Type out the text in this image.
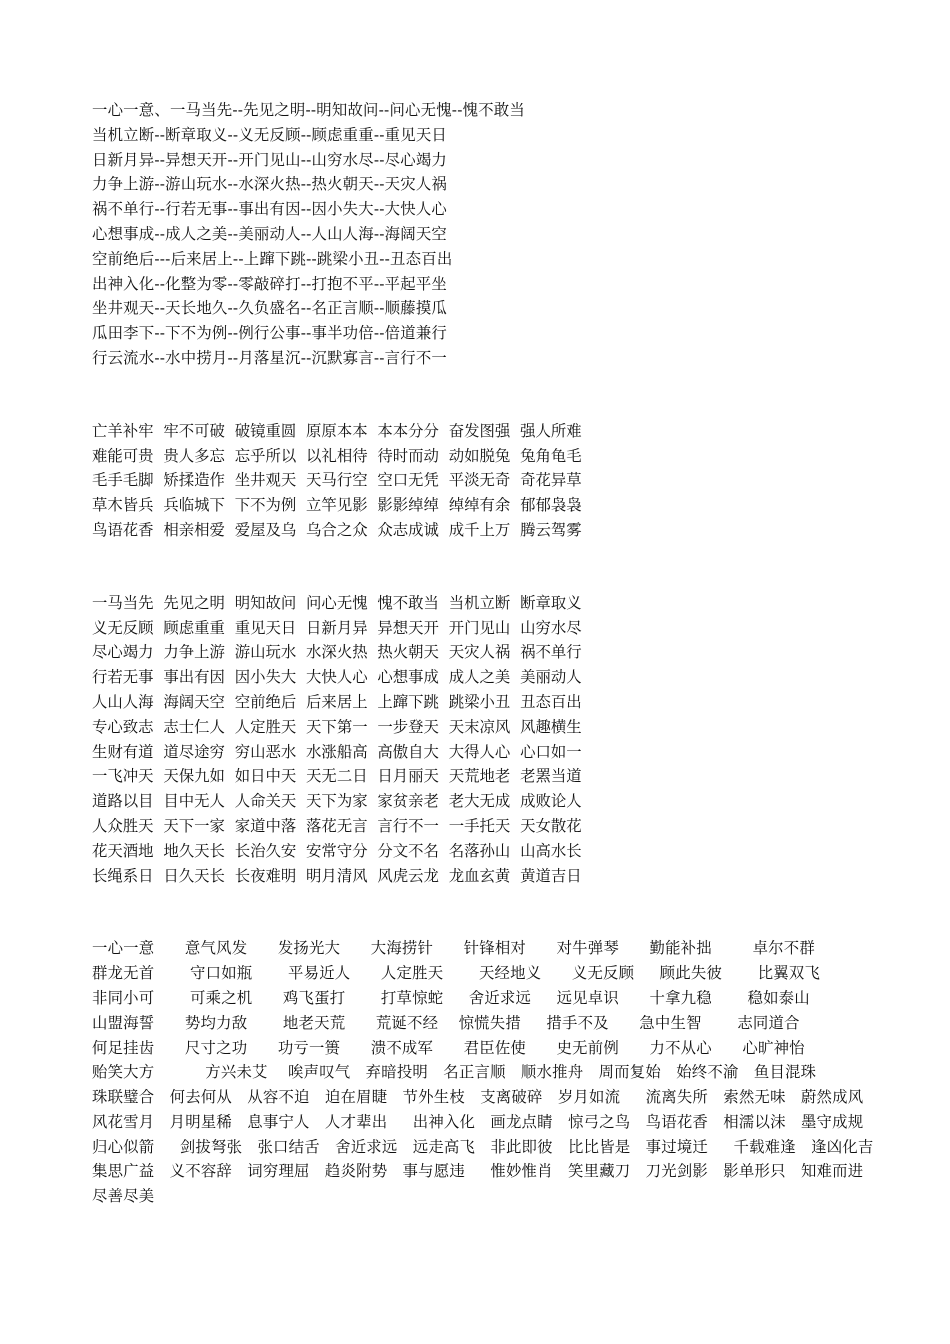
一心一意、一马当先--先见之明--明知故问--问心无愧--愧不敢当
当机立断--断章取义--义无反顾--顾虑重重--重见天日
日新月异--异想天开--开门见山--山穷水尽--尽心竭力
力争上游--游山玩水--水深火热--热火朝天--天灾人祸
祸不单行--行若无事--事出有因--因小失大--大快人心
心想事成--成人之美--美丽动人--人山人海--海阔天空
空前绝后---后来居上--上蹿下跳--跳梁小丑--丑态百出
出神入化--化整为零--零敲碎打--打抱不平--平起平坐
坐井观天--天长地久--久负盛名--名正言顺--顺藤摸瓜
瓜田李下--下不为例--例行公事--事半功倍--倍道兼行
行云流水--水中捞月--月落星沉--沉默寡言--言行不一
亡羊补牢  牢不可破  破镜重圆  原原本本  本本分分  奋发图强  强人所难
难能可贵  贵人多忘  忘乎所以  以礼相待  待时而动  动如脱兔  兔角龟毛
毛手毛脚  矫揉造作  坐井观天  天马行空  空口无凭  平淡无奇  奇花异草
草木皆兵  兵临城下  下不为例  立竿见影  影影绰绰  绰绰有余  郁郁袅袅
鸟语花香  相亲相爱  爱屋及乌  乌合之众  众志成诚  成千上万  腾云驾雾
一马当先  先见之明  明知故问  问心无愧  愧不敢当  当机立断  断章取义
义无反顾  顾虑重重  重见天日  日新月异  异想天开  开门见山  山穷水尽
尽心竭力  力争上游  游山玩水  水深火热  热火朝天  天灾人祸  祸不单行
行若无事  事出有因  因小失大  大快人心  心想事成  成人之美  美丽动人
人山人海  海阔天空  空前绝后  后来居上  上蹿下跳  跳梁小丑  丑态百出
专心致志  志士仁人  人定胜天  天下第一  一步登天  天末凉风  风趣横生
生财有道  道尽途穷  穷山恶水  水涨船高  高傲自大  大得人心  心口如一
一飞冲天  天保九如  如日中天  天无二日  日月丽天  天荒地老  老罴当道
道路以目  目中无人  人命关天  天下为家  家贫亲老  老大无成  成败论人
人众胜天  天下一家  家道中落  落花无言  言行不一  一手托天  天女散花
花天酒地  地久天长  长治久安  安常守分  分文不名  名落孙山  山高水长
长绳系日  日久天长  长夜难明  明月清风  风虎云龙  龙血玄黄  黄道吉日
一心一意      意气风发      发扬光大      大海捞针      针锋相对      对牛弹琴      勤能补拙        卓尔不群
群龙无首       守口如瓶       平易近人      人定胜天       天经地义      义无反顾     顾此失彼       比翼双飞
非同小可       可乘之机      鸡飞蛋打       打草惊蛇     舍近求远     远见卓识      十拿九稳       稳如泰山
山盟海誓      势均力敌       地老天荒      荒诞不经    惊慌失措     措手不及      急中生智       志同道合
何足挂齿      尺寸之功      功亏一篑      溃不成军      君臣佐使      史无前例      力不从心      心旷神怡
贻笑大方          方兴未艾    唉声叹气   弃暗投明   名正言顺   顺水推舟   周而复始   始终不渝   鱼目混珠
珠联璧合   何去何从   从容不迫   迫在眉睫   节外生枝   支离破碎   岁月如流     流离失所   索然无味   蔚然成风
风花雪月   月明星稀   息事宁人   人才辈出     出神入化   画龙点睛   惊弓之鸟   鸟语花香   相濡以沫   墨守成规
归心似箭     剑拔弩张   张口结舌   舍近求远   远走高飞   非此即彼   比比皆是   事过境迁     千载难逢   逢凶化吉
集思广益   义不容辞   词穷理屈   趋炎附势   事与愿违     惟妙惟肖   笑里藏刀   刀光剑影   影单形只   知难而进
尽善尽美
